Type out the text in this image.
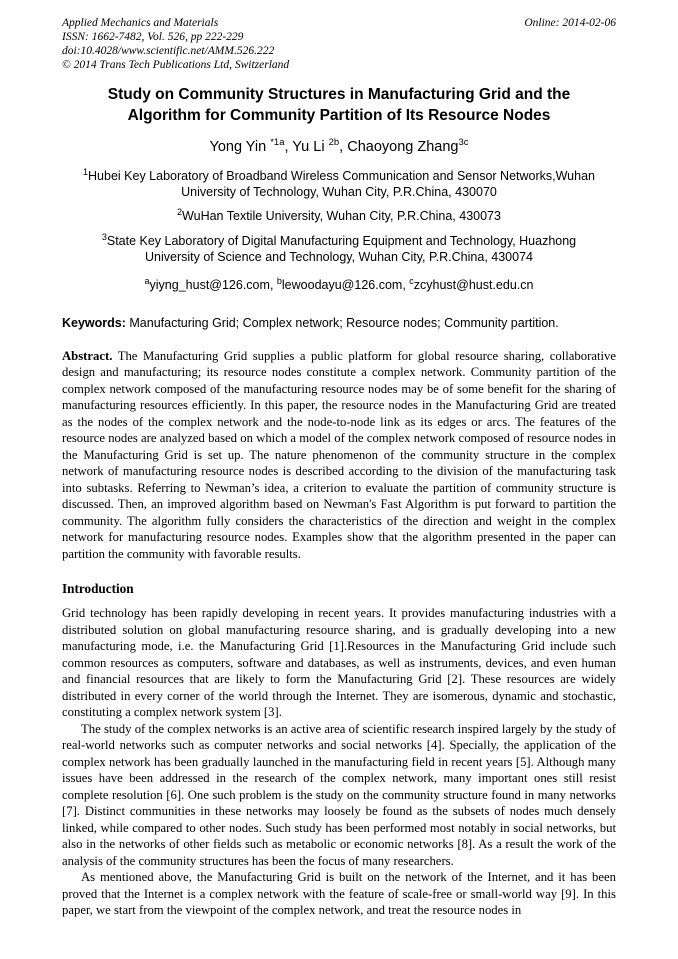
Applied Mechanics and Materials
ISSN: 1662-7482, Vol. 526, pp 222-229
doi:10.4028/www.scientific.net/AMM.526.222
© 2014 Trans Tech Publications Ltd, Switzerland
Online: 2014-02-06
Study on Community Structures in Manufacturing Grid and the Algorithm for Community Partition of Its Resource Nodes
Yong Yin $^{*1a}$, Yu Li $^{2b}$, Chaoyong Zhang$^{3c}$
$^1$Hubei Key Laboratory of Broadband Wireless Communication and Sensor Networks,Wuhan University of Technology, Wuhan City, P.R.China, 430070
$^2$WuHan Textile University, Wuhan City, P.R.China, 430073
$^3$State Key Laboratory of Digital Manufacturing Equipment and Technology, Huazhong University of Science and Technology, Wuhan City, P.R.China, 430074
$^a$yiyng_hust@126.com, $^b$lewoodayu@126.com, $^c$zcyhust@hust.edu.cn

Keywords: Manufacturing Grid; Complex network; Resource nodes; Community partition.

Abstract. The Manufacturing Grid supplies a public platform for global resource sharing, collaborative design and manufacturing; its resource nodes constitute a complex network. Community partition of the complex network composed of the manufacturing resource nodes may be of some benefit for the sharing of manufacturing resources efficiently. In this paper, the resource nodes in the Manufacturing Grid are treated as the nodes of the complex network and the node-to-node link as its edges or arcs. The features of the resource nodes are analyzed based on which a model of the complex network composed of resource nodes in the Manufacturing Grid is set up. The nature phenomenon of the community structure in the complex network of manufacturing resource nodes is described according to the division of the manufacturing task into subtasks. Referring to Newman’s idea, a criterion to evaluate the partition of community structure is discussed. Then, an improved algorithm based on Newman's Fast Algorithm is put forward to partition the community. The algorithm fully considers the characteristics of the direction and weight in the complex network for manufacturing resource nodes. Examples show that the algorithm presented in the paper can partition the community with favorable results.

Introduction

Grid technology has been rapidly developing in recent years. It provides manufacturing industries with a distributed solution on global manufacturing resource sharing, and is gradually developing into a new manufacturing mode, i.e. the Manufacturing Grid [1].Resources in the Manufacturing Grid include such common resources as computers, software and databases, as well as instruments, devices, and even human and financial resources that are likely to form the Manufacturing Grid [2]. These resources are widely distributed in every corner of the world through the Internet. They are isomerous, dynamic and stochastic, constituting a complex network system [3].

The study of the complex networks is an active area of scientific research inspired largely by the study of real-world networks such as computer networks and social networks [4]. Specially, the application of the complex network has been gradually launched in the manufacturing field in recent years [5]. Although many issues have been addressed in the research of the complex network, many important ones still resist complete resolution [6]. One such problem is the study on the community structure found in many networks [7]. Distinct communities in these networks may loosely be found as the subsets of nodes much densely linked, while compared to other nodes. Such study has been performed most notably in social networks, but also in the networks of other fields such as metabolic or economic networks [8]. As a result the work of the analysis of the community structures has been the focus of many researchers.

As mentioned above, the Manufacturing Grid is built on the network of the Internet, and it has been proved that the Internet is a complex network with the feature of scale-free or small-world way [9]. In this paper, we start from the viewpoint of the complex network, and treat the resource nodes in
